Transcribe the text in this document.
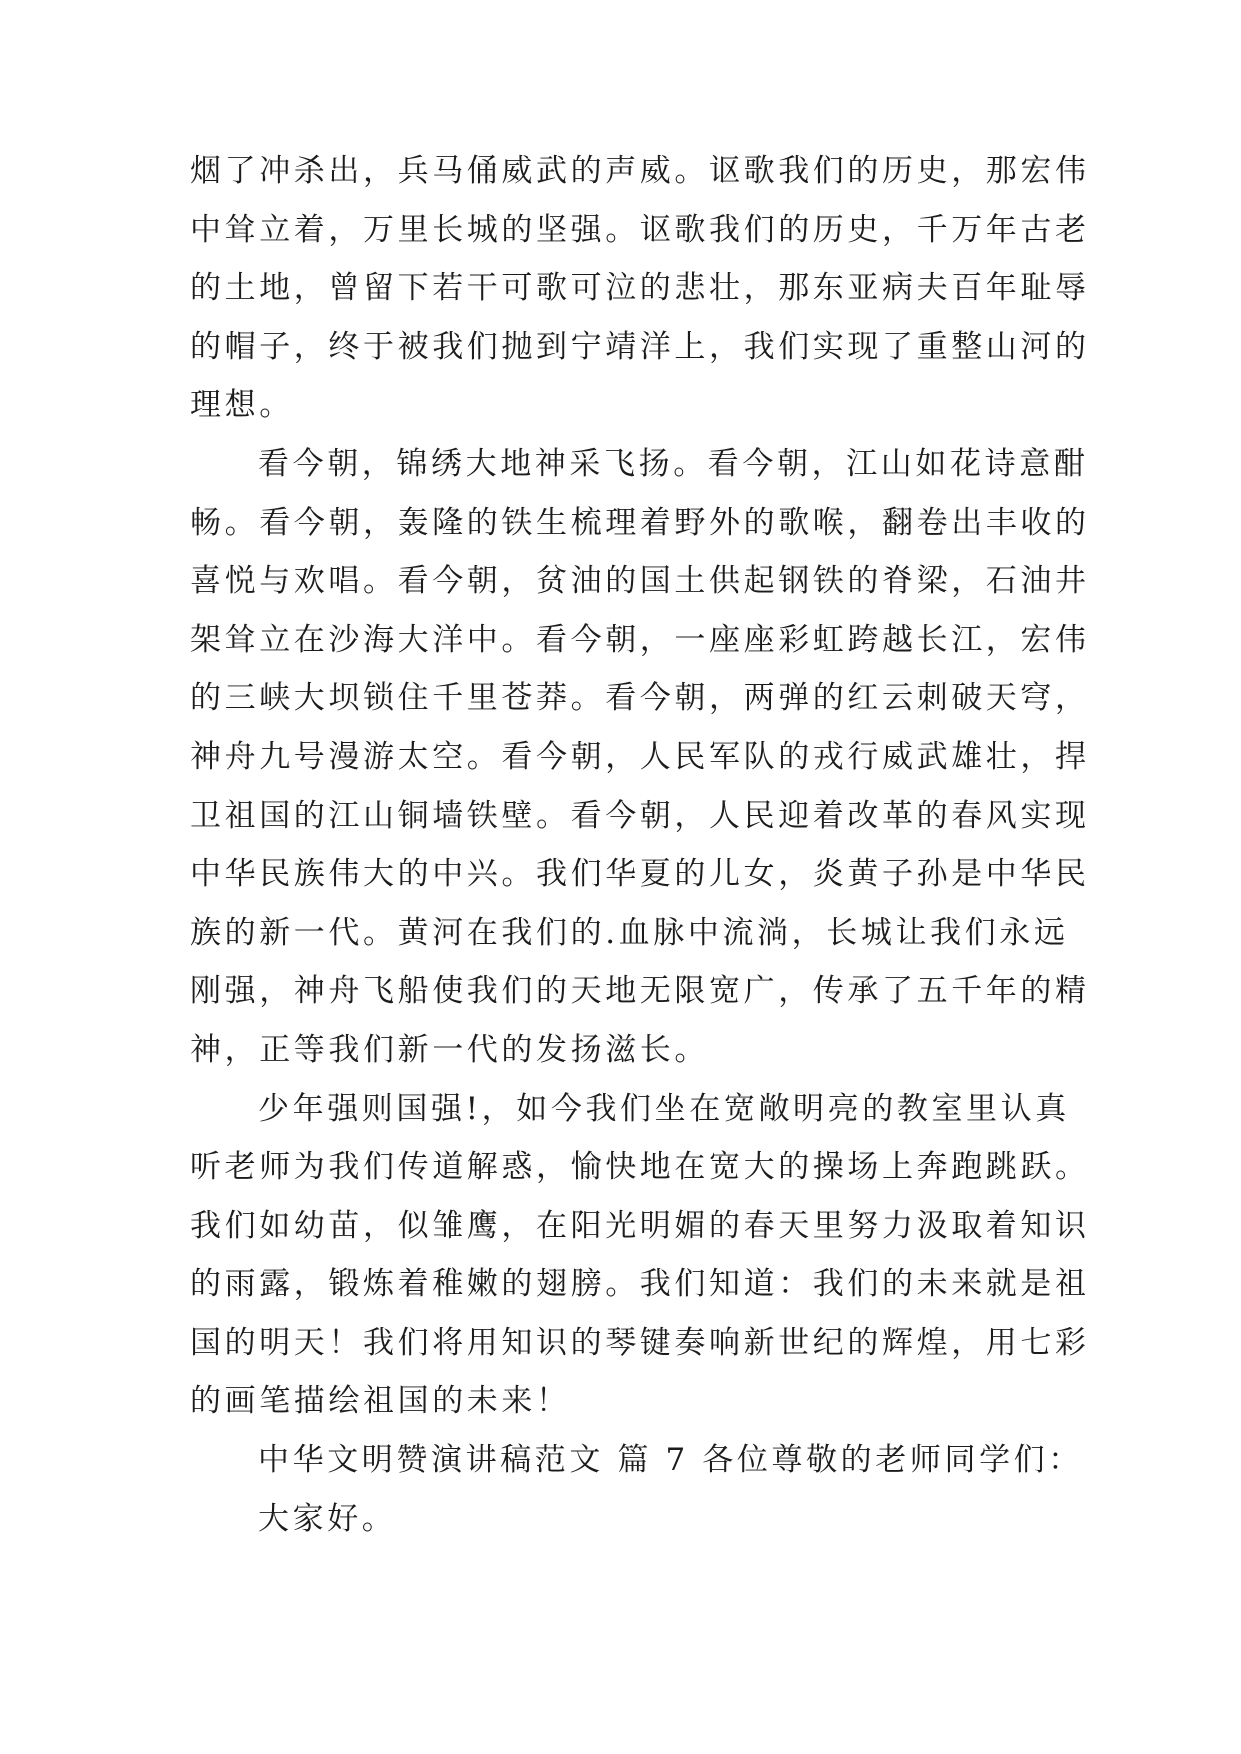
烟了冲杀出，兵马俑威武的声威。讴歌我们的历史，那宏伟
中耸立着，万里长城的坚强。讴歌我们的历史，千万年古老
的土地，曾留下若干可歌可泣的悲壮，那东亚病夫百年耻辱
的帽子，终于被我们抛到宁靖洋上，我们实现了重整山河的
理想。
看今朝，锦绣大地神采飞扬。看今朝，江山如花诗意酣
畅。看今朝，轰隆的铁生梳理着野外的歌喉，翻卷出丰收的
喜悦与欢唱。看今朝，贫油的国土供起钢铁的脊梁，石油井
架耸立在沙海大洋中。看今朝，一座座彩虹跨越长江，宏伟
的三峡大坝锁住千里苍莽。看今朝，两弹的红云刺破天穹，
神舟九号漫游太空。看今朝，人民军队的戎行威武雄壮，捍
卫祖国的江山铜墙铁壁。看今朝，人民迎着改革的春风实现
中华民族伟大的中兴。我们华夏的儿女，炎黄子孙是中华民
族的新一代。黄河在我们的.血脉中流淌，长城让我们永远
刚强，神舟飞船使我们的天地无限宽广，传承了五千年的精
神，正等我们新一代的发扬滋长。
少年强则国强!，如今我们坐在宽敞明亮的教室里认真
听老师为我们传道解惑，愉快地在宽大的操场上奔跑跳跃。
我们如幼苗，似雏鹰，在阳光明媚的春天里努力汲取着知识
的雨露，锻炼着稚嫩的翅膀。我们知道：我们的未来就是祖
国的明天！我们将用知识的琴键奏响新世纪的辉煌，用七彩
的画笔描绘祖国的未来！
中华文明赞演讲稿范文 篇 7 各位尊敬的老师同学们：
大家好。
